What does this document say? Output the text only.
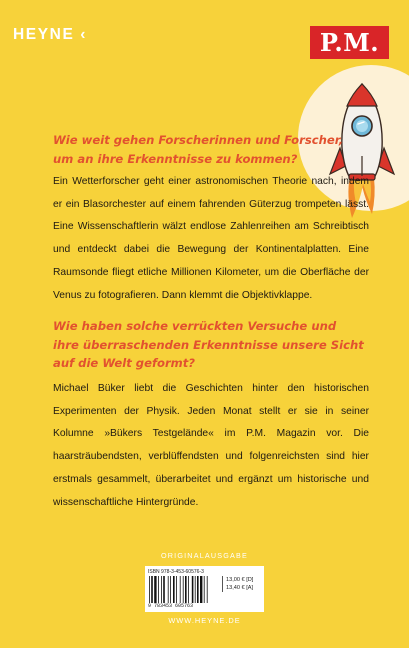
HEYNE ‹	P.M.
Wie weit gehen Forscherinnen und Forscher,
um an ihre Erkenntnisse zu kommen?
Ein Wetterforscher geht einer astronomischen Theorie nach, indem er ein Blasorchester auf einem fahrenden Güterzug trompeten lässt. Eine Wissenschaftlerin wälzt endlose Zahlenreihen am Schreibtisch und entdeckt dabei die Bewegung der Kontinentalplatten. Eine Raumsonde fliegt etliche Millionen Kilometer, um die Oberfläche der Venus zu fotografieren. Dann klemmt die Objektivklappe.
Wie haben solche verrückten Versuche und
ihre überraschenden Erkenntnisse unsere Sicht
auf die Welt geformt?
Michael Büker liebt die Geschichten hinter den historischen Experimenten der Physik. Jeden Monat stellt er sie in seiner Kolumne »Bükers Testgelände« im P.M. Magazin vor. Die haarsträubendsten, verblüffendsten und folgenreichsten sind hier erstmals gesammelt, überarbeitet und ergänzt um historische und wissenschaftliche Hintergründe.
ORIGINALAUSGABE
ISBN 978-3-453-60576-3
9 783453 605763
13,00 € [D]
13,40 € [A]
WWW.HEYNE.DE
